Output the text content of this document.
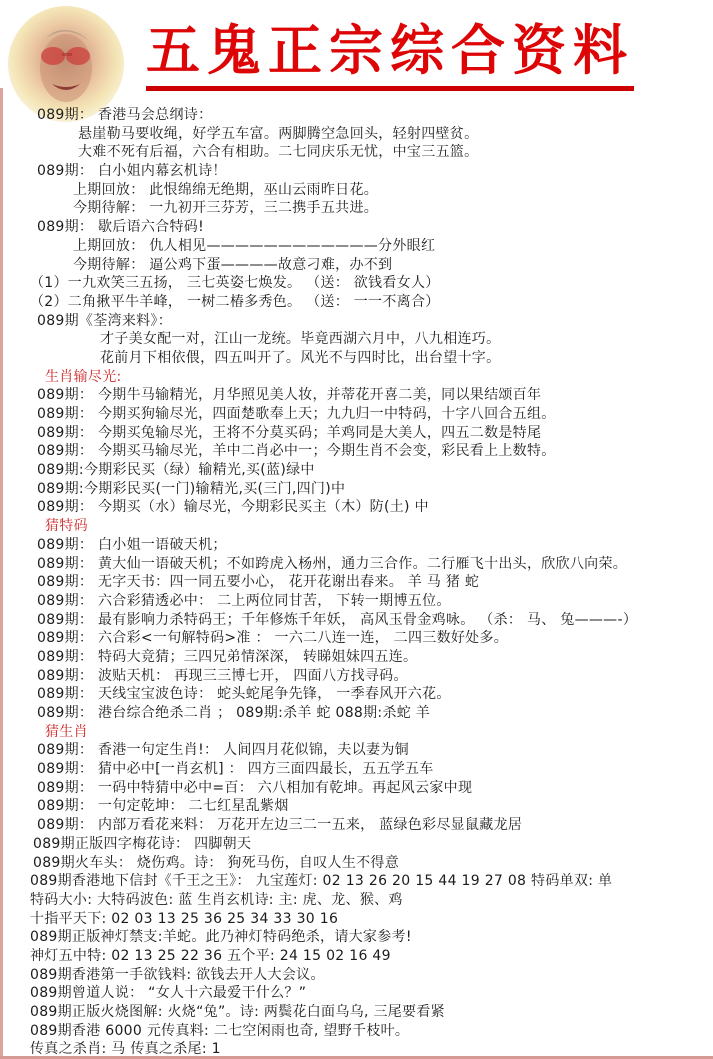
五鬼正宗综合资料
089期： 香港马会总纲诗：
悬崖勒马要收绳，好学五车富。两脚腾空急回头，轻射四壁贫。
大难不死有后福，六合有相助。二七同庆乐无忧，中宝三五篮。
089期： 白小姐内幕玄机诗！
上期回放： 此恨绵绵无绝期，巫山云雨昨日花。
今期待解： 一九初开三芬芳，三二携手五共进。
089期： 歇后语六合特码!
上期回放： 仇人相见————————————分外眼红
今期待解： 逼公鸡下蛋————故意刁难，办不到
（1）一九欢笑三五扬， 三七英姿七焕发。 （送： 欲钱看女人）
（2）二角揪平牛羊峰， 一树二椿多秀色。 （送： 一一不离合）
089期《荃湾来料》：
才子美女配一对，江山一龙统。毕竟西湖六月中，八九相连巧。
花前月下相依偎，四五叫开了。风光不与四时比，出台望十字。
生肖输尽光:
089期： 今期牛马输精光，月华照见美人妆，并蒂花开喜二美，同以果结颂百年
089期： 今期买狗输尽光，四面楚歌奉上天；九九归一中特码，十字八回合五组。
089期： 今期买兔输尽光，王将不分莫买码；羊鸡同是大美人，四五二数是特尾
089期： 今期买马输尽光，羊中二肖必中一；今期生肖不会变，彩民看上上数特。
089期:今期彩民买（绿）输精光,买(蓝)绿中
089期:今期彩民买(一门)输精光,买(三门,四门)中
089期： 今期买（水）输尽光，今期彩民买主（木）防(土) 中
猜特码
089期： 白小姐一语破天机；
089期： 黄大仙一语破天机；不如跨虎入杨州，通力三合作。二行雁飞十出头，欣欣八向荣。
089期： 无字天书：四一同五要小心， 花开花谢出春来。 羊 马 猪 蛇
089期： 六合彩猜透必中： 二上两位同甘苦， 下转一期博五位。
089期： 最有影响力杀特码王；千年修炼千年妖， 高风玉骨金鸡咏。 （杀： 马、 兔———-）
089期： 六合彩<一句解特码>准 ： 一六二八连一连， 二四三数好处多。
089期： 特码大竞猜；三四兄弟情深深， 转睇姐妹四五连。
089期： 波贴天机： 再现三三博七开， 四面八方找寻码。
089期： 天线宝宝波色诗： 蛇头蛇尾争先锋， 一季春风开六花。
089期： 港台综合绝杀二肖 ； 089期:杀羊 蛇 088期:杀蛇 羊
猜生肖
089期： 香港一句定生肖!： 人间四月花似锦，夫以妻为铜
089期： 猜中必中[一肖玄机] ： 四方三面四最长，五五学五车
089期： 一码中特猜中必中=百： 六八相加有乾坤。再起风云家中现
089期： 一句定乾坤： 二七红星乱紫烟
089期： 内部万看花来料： 万花开左边三二一五来， 蓝绿色彩尽显鼠藏龙居
089期正版四字梅花诗： 四脚朝天
089期火车头： 烧伤鸡。诗： 狗死马伤，自叹人生不得意
089期香港地下信封《千王之王》： 九宝莲灯: 02 13 26 20 15 44 19 27 08 特码单双: 单
特码大小: 大特码波色: 蓝 生肖玄机诗: 主: 虎、龙、猴、鸡
十指平天下: 02 03 13 25 36 25 34 33 30 16
089期正版神灯禁支:羊蛇。此乃神灯特码绝杀，请大家参考!
神灯五中特: 02 13 25 22 36 五个平: 24 15 02 16 49
089期香港第一手欲钱料: 欲钱去开人大会议。
089期曾道人说： “女人十六最爱干什么？”
089期正版火烧图解: 火烧“兔”。诗: 两鬓花白面乌乌, 三尾要看紧
089期香港 6000 元传真料: 二七空闲雨也奇, 望野千枝叶。
传真之杀肖: 马 传真之杀尾: 1
